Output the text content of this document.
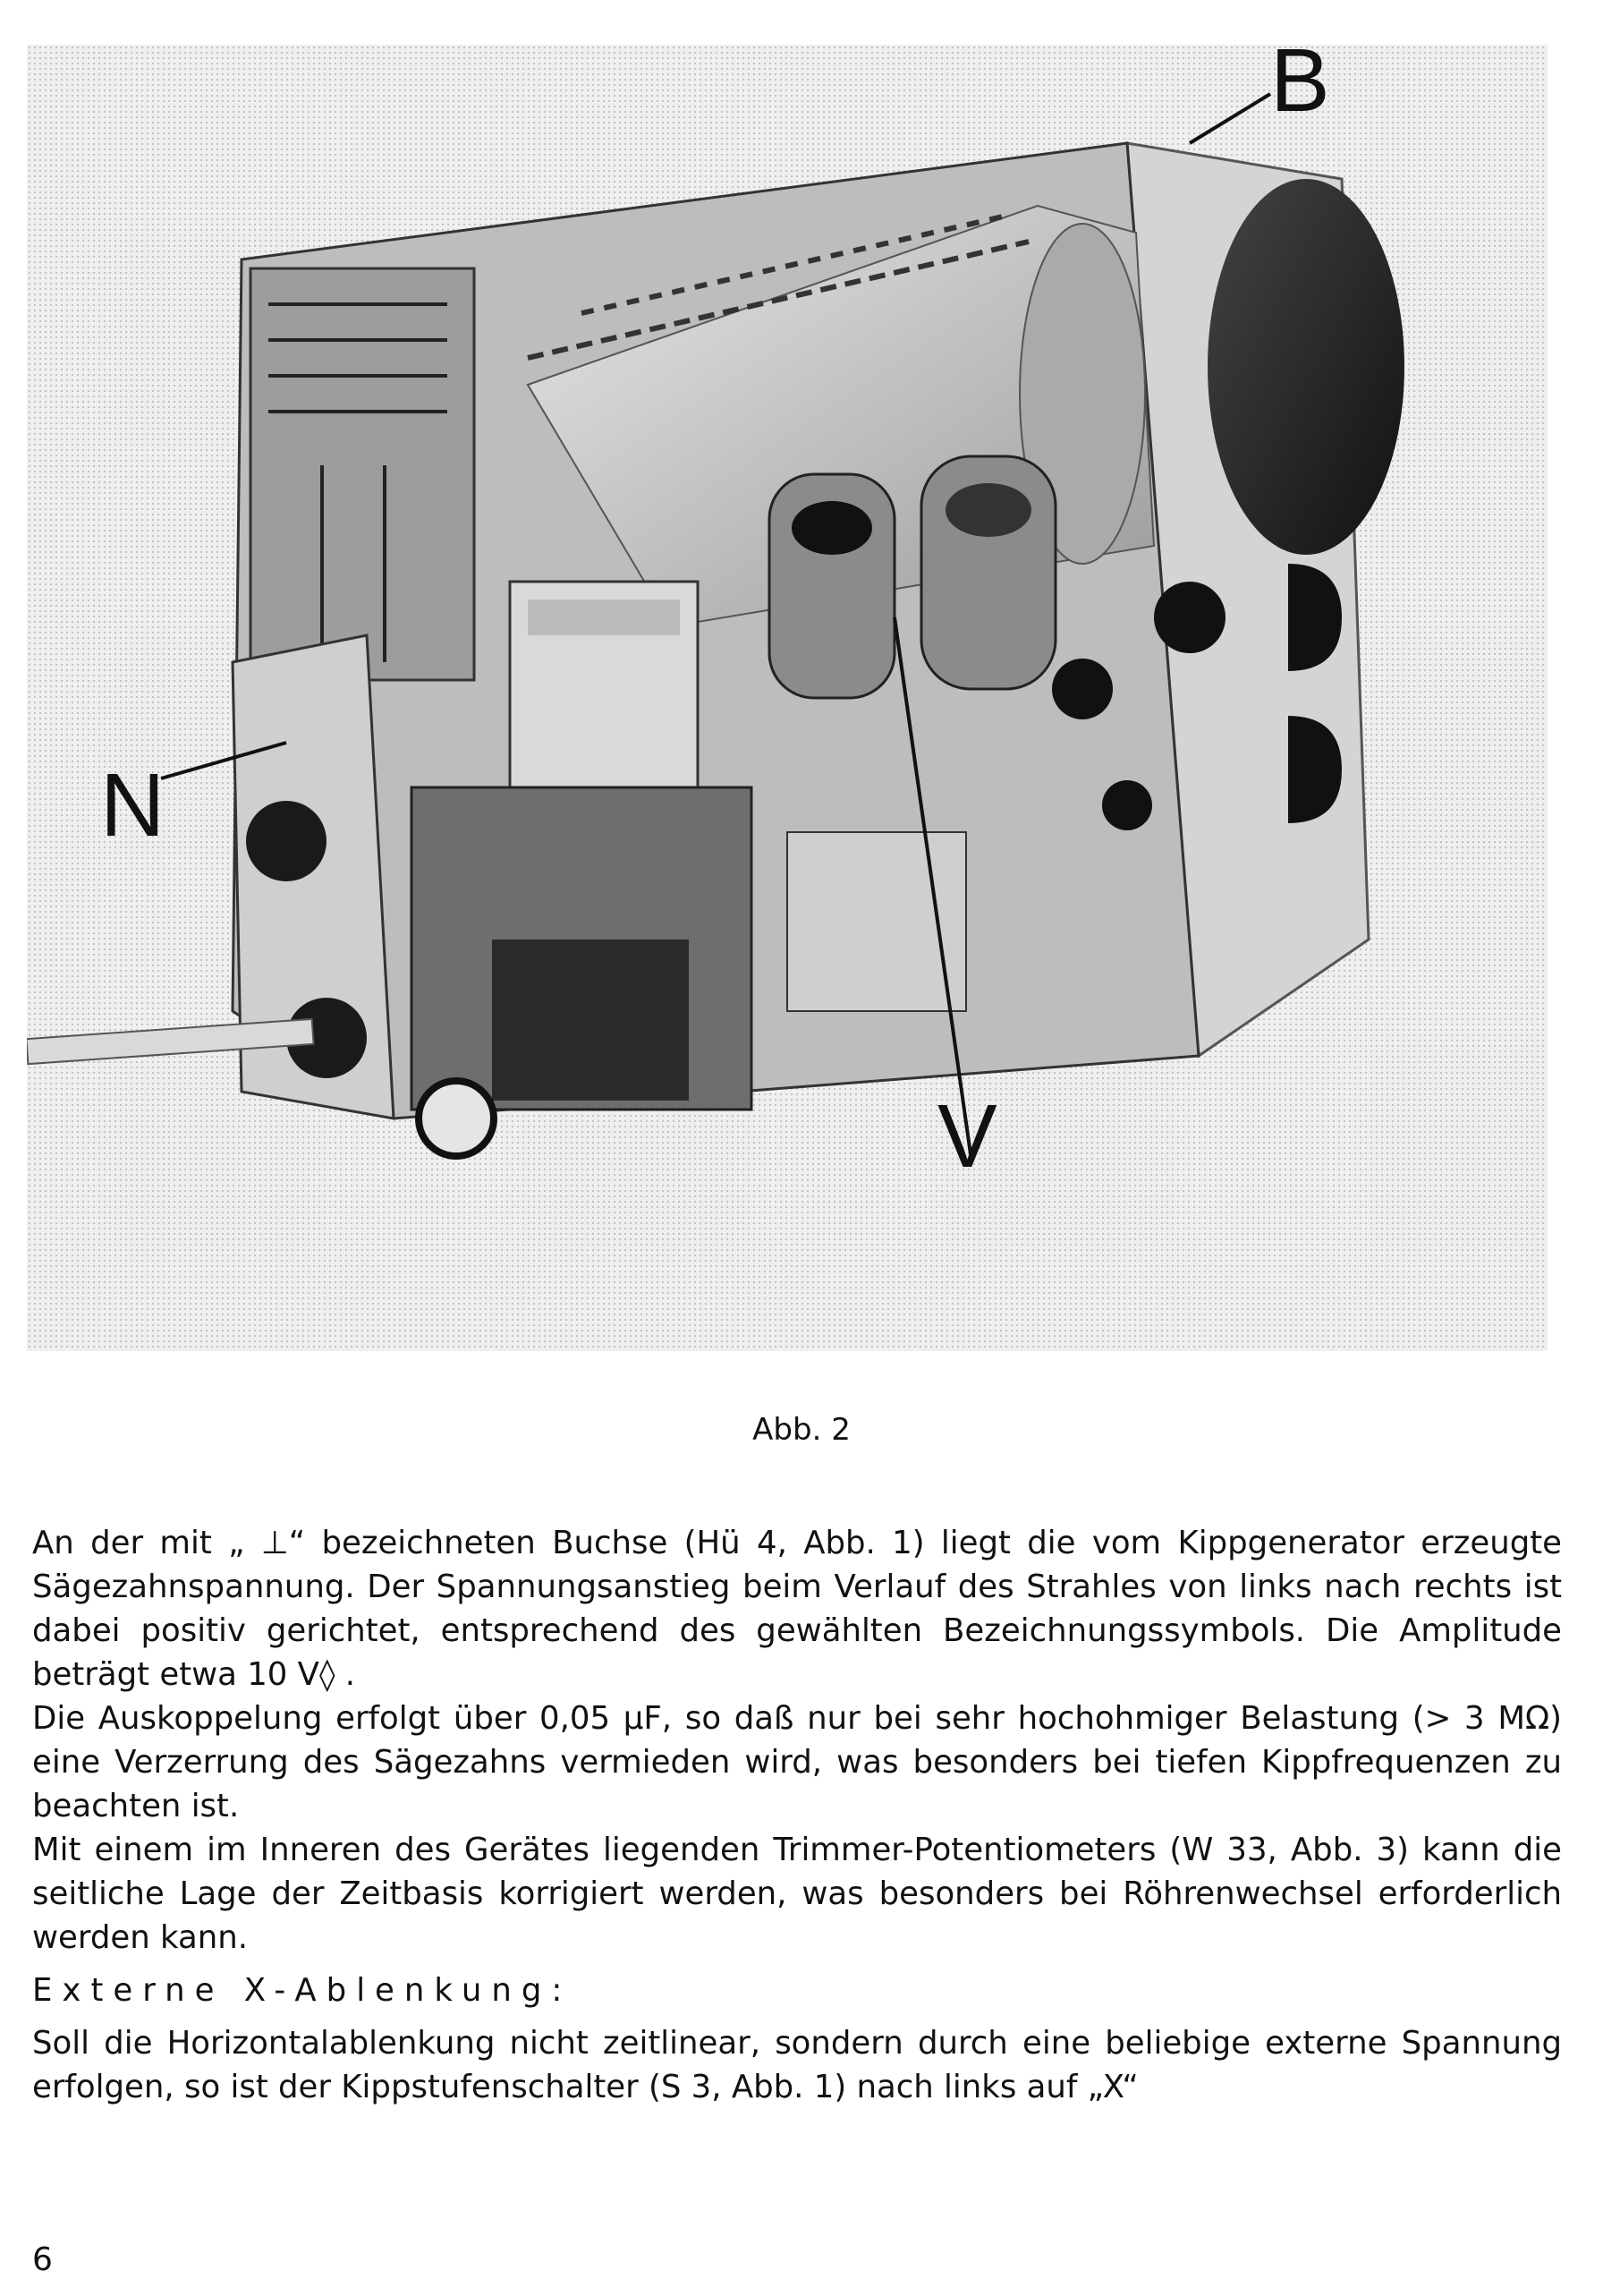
B
N
V
Abb. 2

An der mit „ ⊥“ bezeichneten Buchse (Hü 4, Abb. 1) liegt die vom Kippgenerator erzeugte Sägezahnspannung. Der Spannungsanstieg beim Verlauf des Strahles von links nach rechts ist dabei positiv gerichtet, entsprechend des gewählten Bezeichnungssymbols. Die Amplitude beträgt etwa 10 V◊ .

Die Auskoppelung erfolgt über 0,05 μF, so daß nur bei sehr hochohmiger Belastung (> 3 MΩ) eine Verzerrung des Sägezahns vermieden wird, was besonders bei tiefen Kippfrequenzen zu beachten ist.

Mit einem im Inneren des Gerätes liegenden Trimmer-Potentiometers (W 33, Abb. 3) kann die seitliche Lage der Zeitbasis korrigiert werden, was besonders bei Röhrenwechsel erforderlich werden kann.

Externe X-Ablenkung:

Soll die Horizontalablenkung nicht zeitlinear, sondern durch eine beliebige externe Spannung erfolgen, so ist der Kippstufenschalter (S 3, Abb. 1) nach links auf „X“

6
